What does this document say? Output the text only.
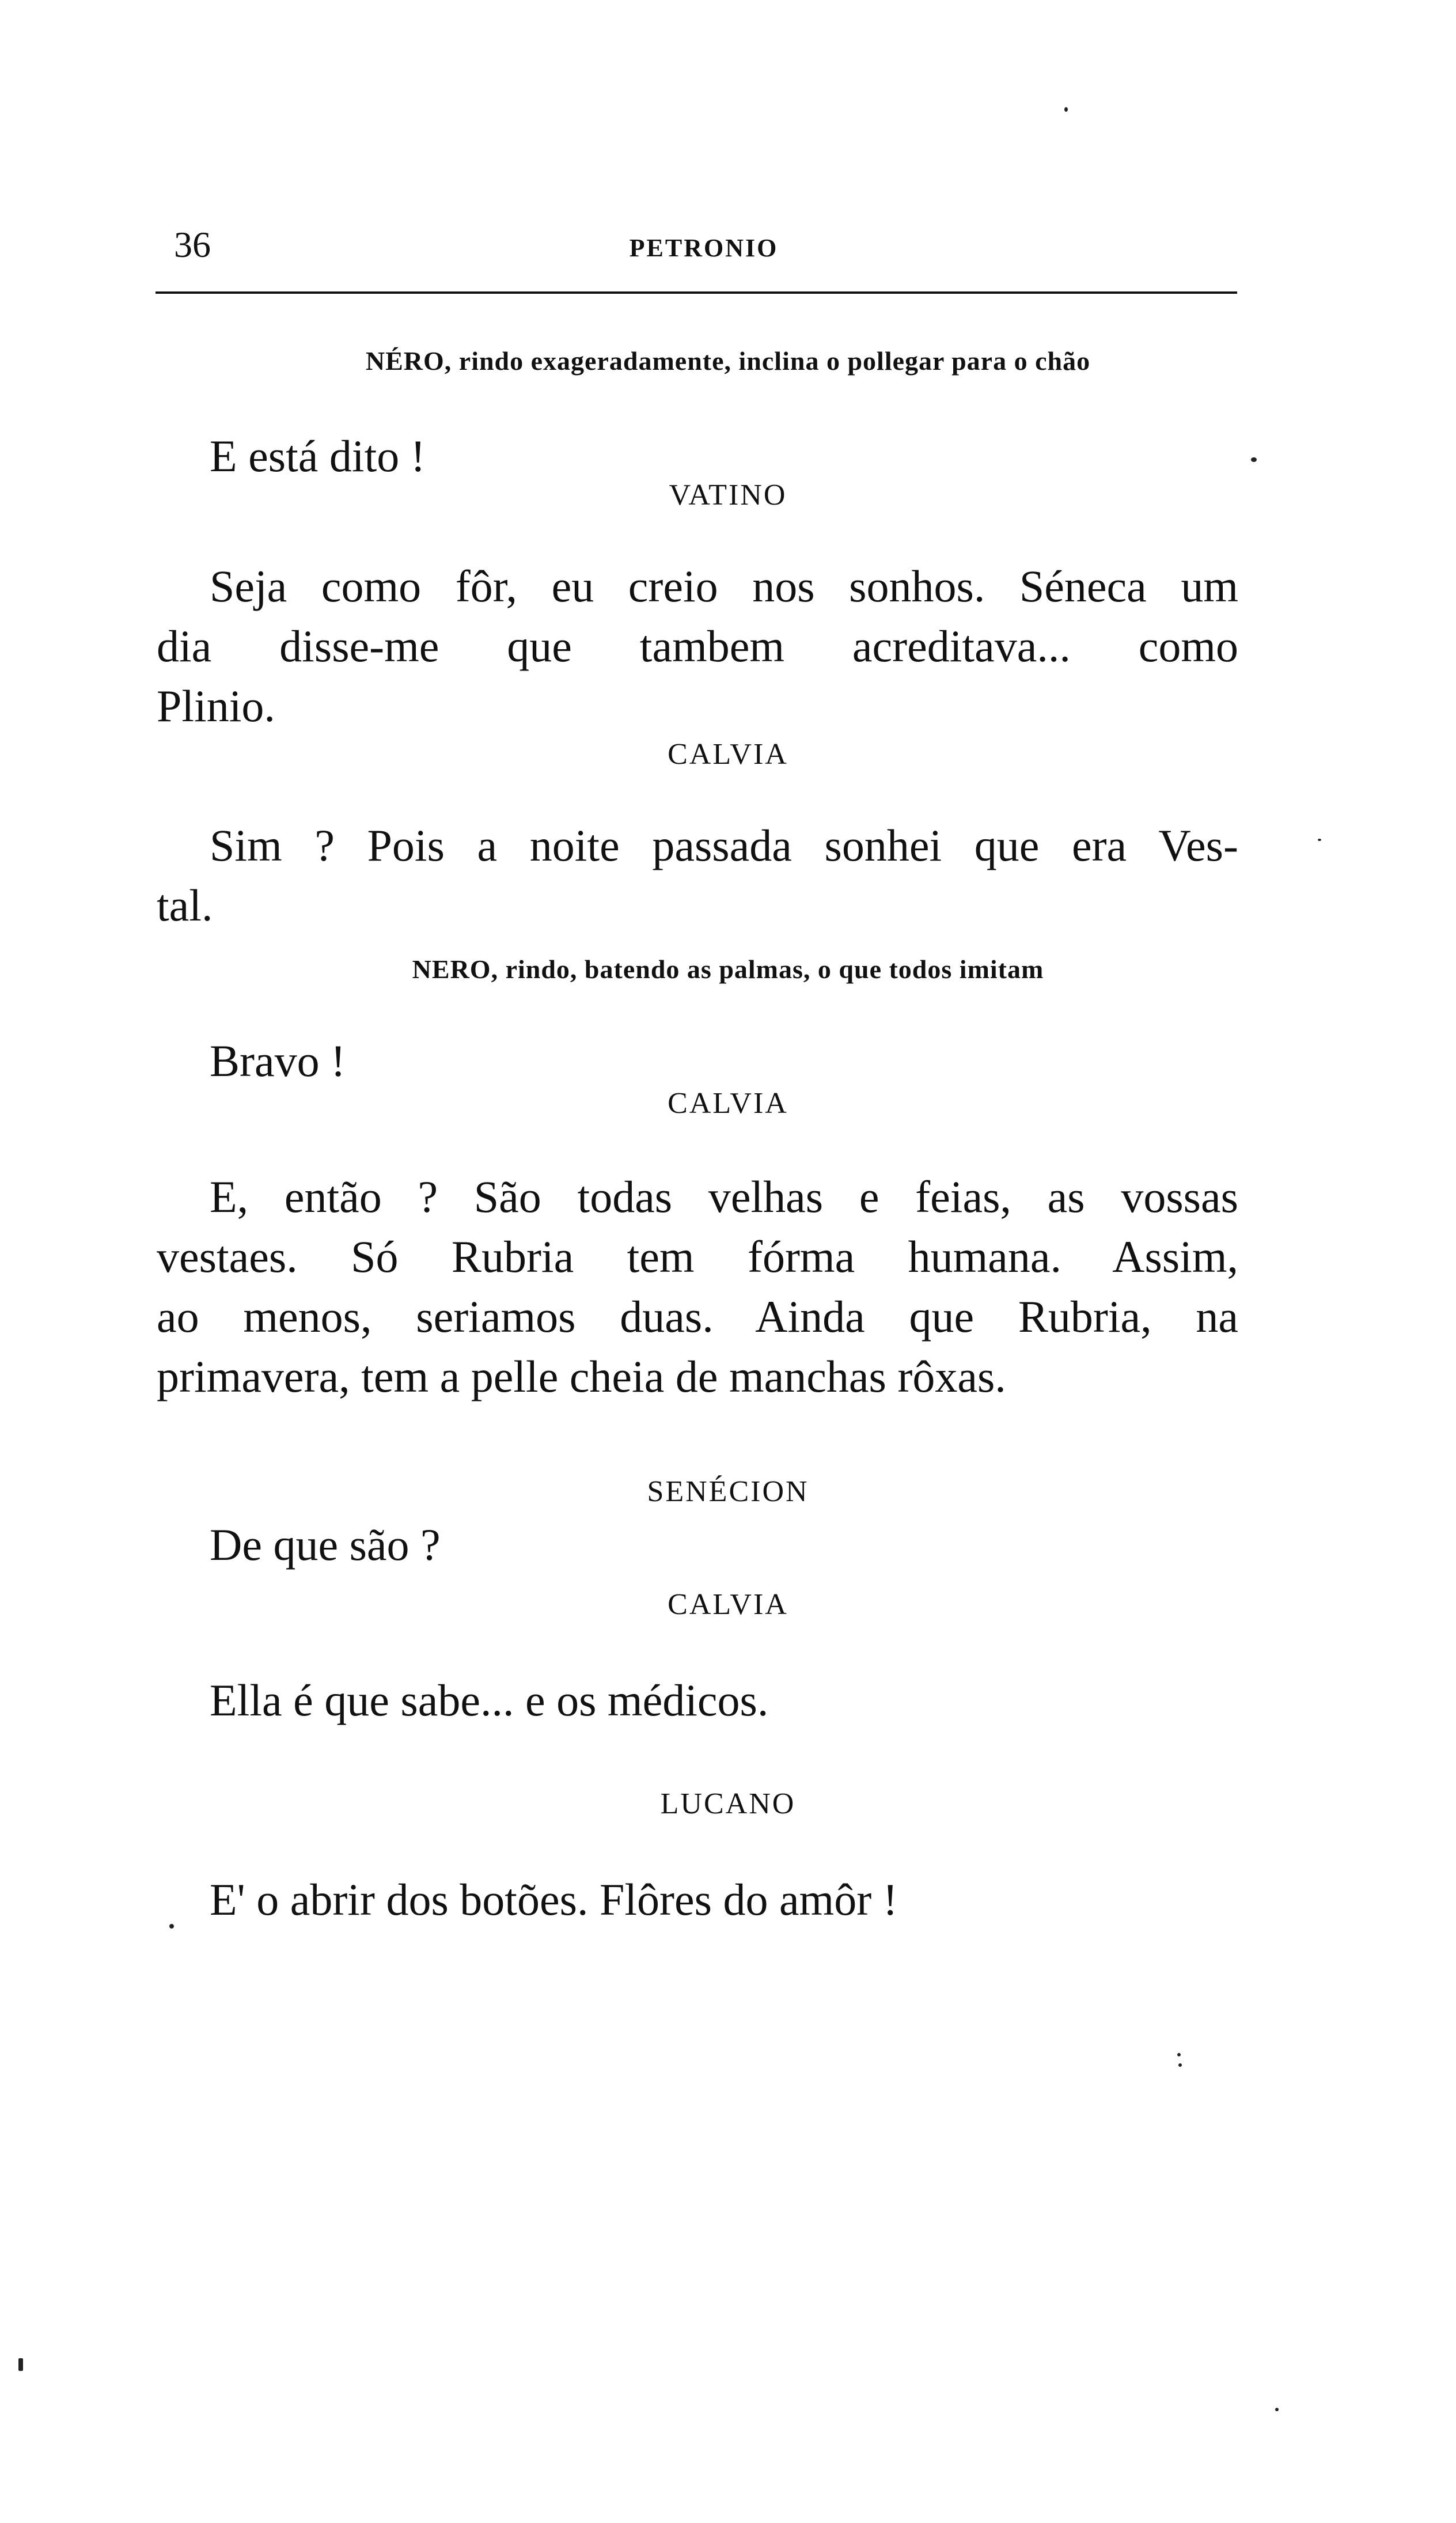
36	PETRONIO
NÉRO, rindo exageradamente, inclina o pollegar para o chão
E está dito !
VATINO
Seja como fôr, eu creio nos sonhos. Séneca um
dia disse-me que tambem acreditava... como
Plinio.
CALVIA
Sim ? Pois a noite passada sonhei que era Ves-
tal.
NERO, rindo, batendo as palmas, o que todos imitam
Bravo !
CALVIA
E, então ? São todas velhas e feias, as vossas
vestaes. Só Rubria tem fórma humana. Assim,
ao menos, seriamos duas. Ainda que Rubria, na
primavera, tem a pelle cheia de manchas rôxas.
SENÉCION
De que são ?
CALVIA
Ella é que sabe... e os médicos.
LUCANO
E' o abrir dos botões. Flôres do amôr !
